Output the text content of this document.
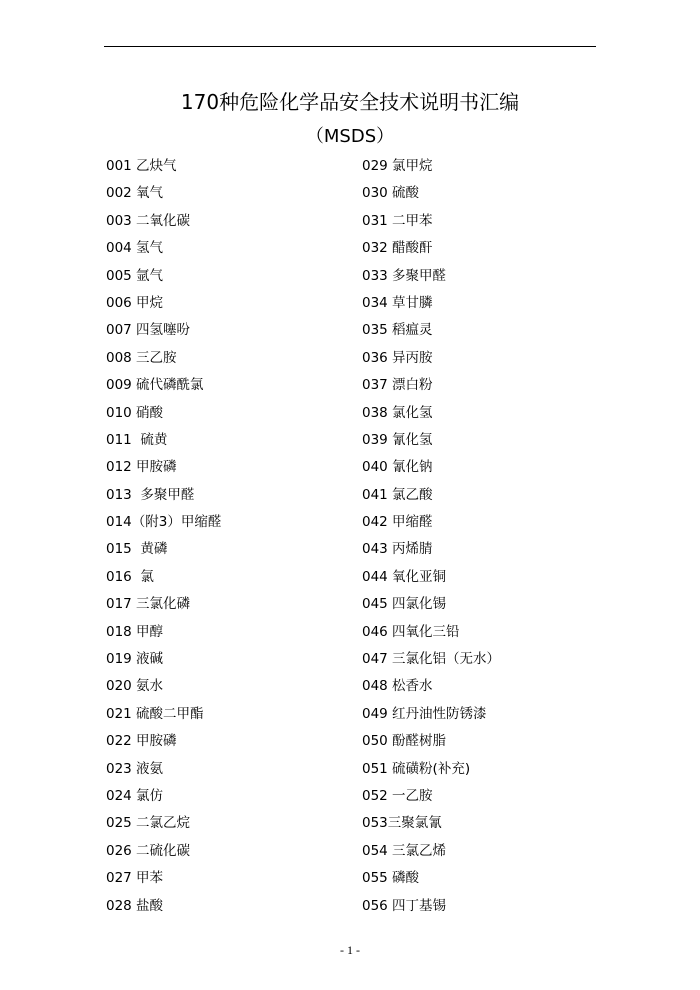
170种危险化学品安全技术说明书汇编
（MSDS）
001 乙炔气
002 氧气
003 二氧化碳
004 氢气
005 氩气
006 甲烷
007 四氢噻吩
008 三乙胺
009 硫代磷酰氯
010 硝酸
011  硫黄
012 甲胺磷
013  多聚甲醛
014（附3）甲缩醛
015  黄磷
016  氯
017 三氯化磷
018 甲醇
019 液碱
020 氨水
021 硫酸二甲酯
022 甲胺磷
023 液氨
024 氯仿
025 二氯乙烷
026 二硫化碳
027 甲苯
028 盐酸
029 氯甲烷
030 硫酸
031 二甲苯
032 醋酸酐
033 多聚甲醛
034 草甘膦
035 稻瘟灵
036 异丙胺
037 漂白粉
038 氯化氢
039 氰化氢
040 氰化钠
041 氯乙酸
042 甲缩醛
043 丙烯腈
044 氧化亚铜
045 四氯化锡
046 四氧化三铅
047 三氯化铝（无水）
048 松香水
049 红丹油性防锈漆
050 酚醛树脂
051 硫磺粉(补充)
052 一乙胺
053三聚氯氰
054 三氯乙烯
055 磷酸
056 四丁基锡
- 1 -
